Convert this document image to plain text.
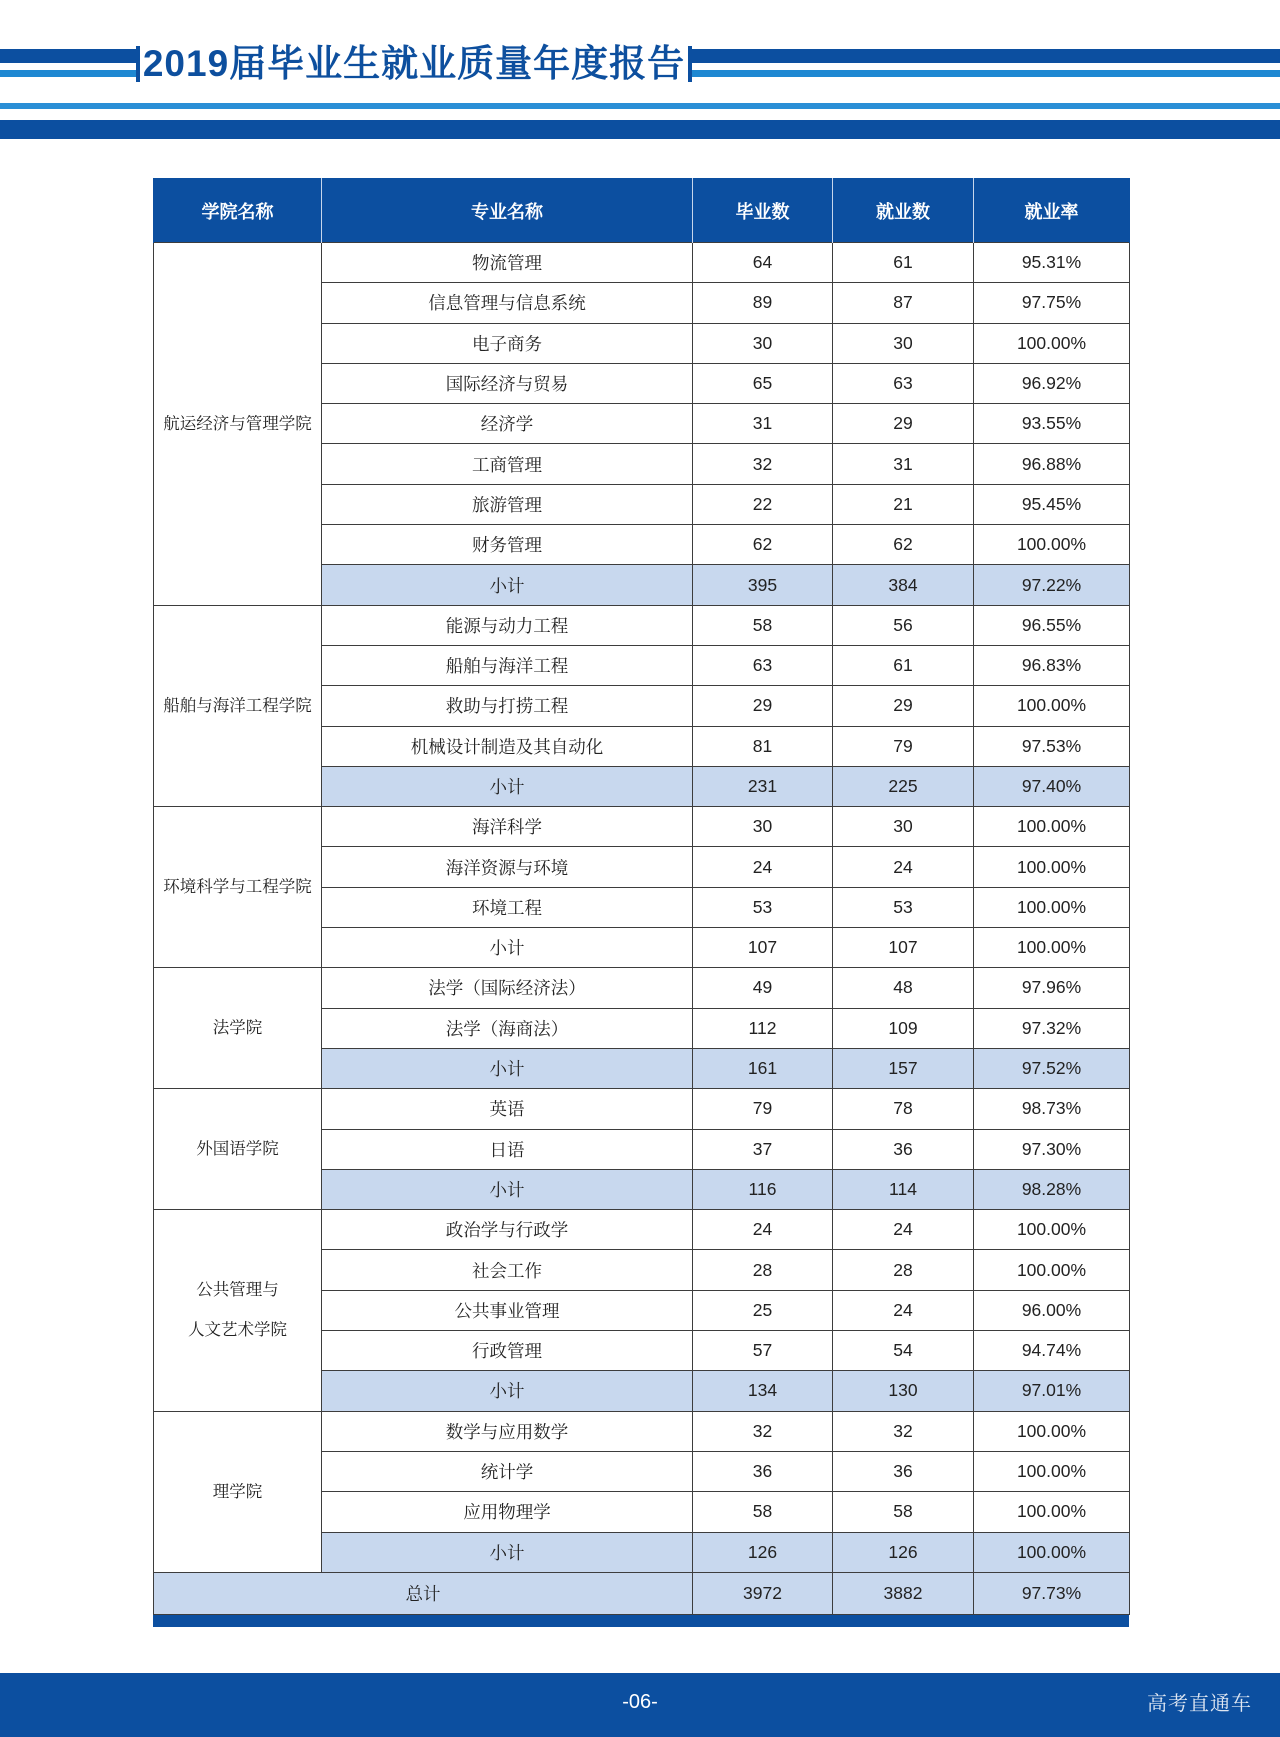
2019届毕业生就业质量年度报告
学院名称	专业名称	毕业数	就业数	就业率
航运经济与管理学院	物流管理	64	61	95.31%
	信息管理与信息系统	89	87	97.75%
	电子商务	30	30	100.00%
	国际经济与贸易	65	63	96.92%
	经济学	31	29	93.55%
	工商管理	32	31	96.88%
	旅游管理	22	21	95.45%
	财务管理	62	62	100.00%
	小计	395	384	97.22%
船舶与海洋工程学院	能源与动力工程	58	56	96.55%
	船舶与海洋工程	63	61	96.83%
	救助与打捞工程	29	29	100.00%
	机械设计制造及其自动化	81	79	97.53%
	小计	231	225	97.40%
环境科学与工程学院	海洋科学	30	30	100.00%
	海洋资源与环境	24	24	100.00%
	环境工程	53	53	100.00%
	小计	107	107	100.00%
法学院	法学（国际经济法）	49	48	97.96%
	法学（海商法）	112	109	97.32%
	小计	161	157	97.52%
外国语学院	英语	79	78	98.73%
	日语	37	36	97.30%
	小计	116	114	98.28%
公共管理与
人文艺术学院	政治学与行政学	24	24	100.00%
	社会工作	28	28	100.00%
	公共事业管理	25	24	96.00%
	行政管理	57	54	94.74%
	小计	134	130	97.01%
理学院	数学与应用数学	32	32	100.00%
	统计学	36	36	100.00%
	应用物理学	58	58	100.00%
	小计	126	126	100.00%
总计		3972	3882	97.73%
-06-	高考直通车
